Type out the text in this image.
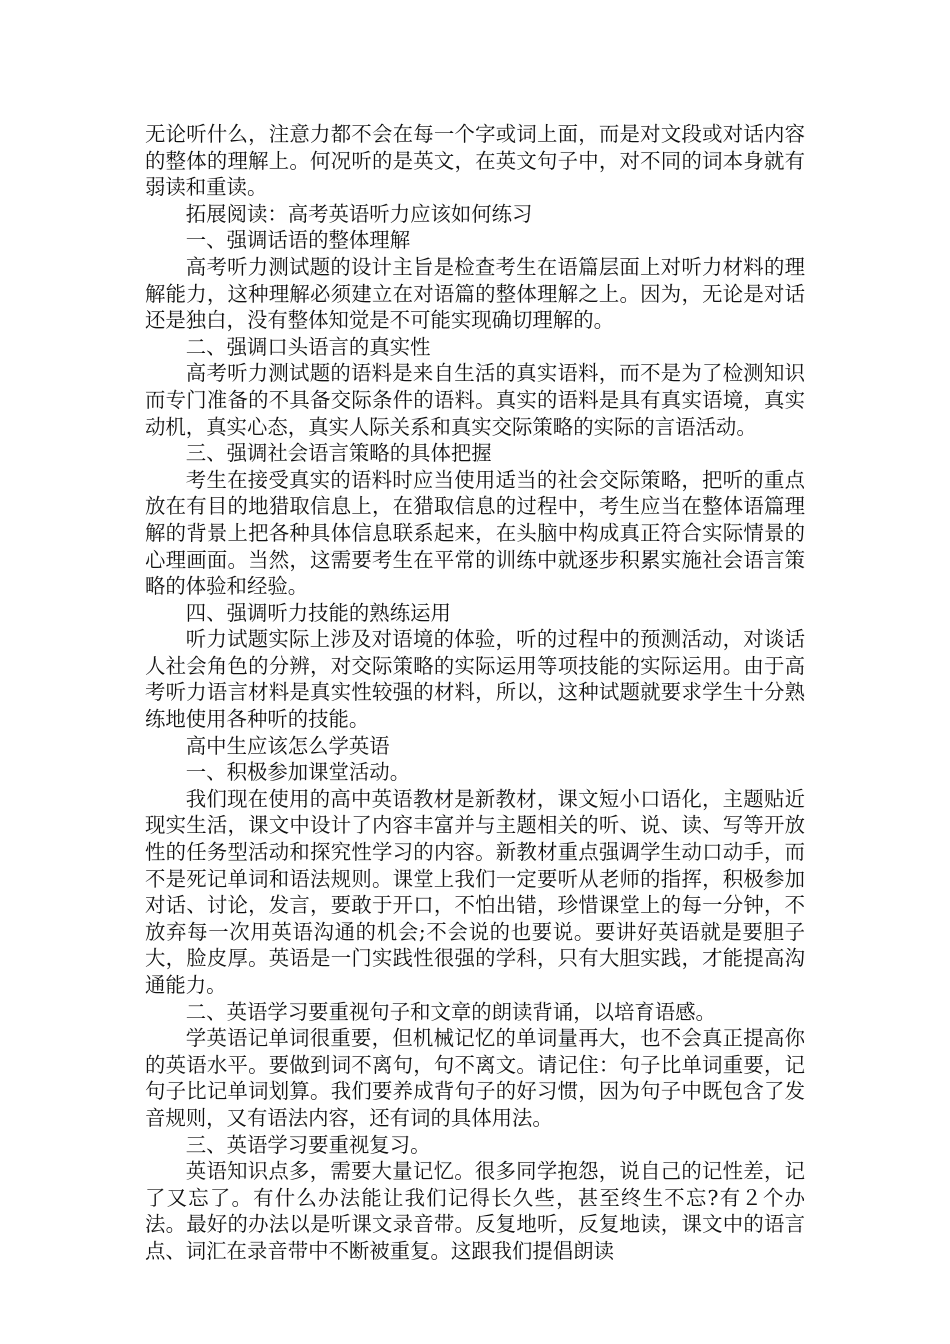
无论听什么，注意力都不会在每一个字或词上面，而是对文段或对话内容的整体的理解上。何况听的是英文，在英文句子中，对不同的词本身就有弱读和重读。

拓展阅读：高考英语听力应该如何练习

一、强调话语的整体理解

高考听力测试题的设计主旨是检查考生在语篇层面上对听力材料的理解能力，这种理解必须建立在对语篇的整体理解之上。因为，无论是对话还是独白，没有整体知觉是不可能实现确切理解的。

二、强调口头语言的真实性

高考听力测试题的语料是来自生活的真实语料，而不是为了检测知识而专门准备的不具备交际条件的语料。真实的语料是具有真实语境，真实动机，真实心态，真实人际关系和真实交际策略的实际的言语活动。

三、强调社会语言策略的具体把握

考生在接受真实的语料时应当使用适当的社会交际策略，把听的重点放在有目的地猎取信息上，在猎取信息的过程中，考生应当在整体语篇理解的背景上把各种具体信息联系起来，在头脑中构成真正符合实际情景的心理画面。当然，这需要考生在平常的训练中就逐步积累实施社会语言策略的体验和经验。

四、强调听力技能的熟练运用

听力试题实际上涉及对语境的体验，听的过程中的预测活动，对谈话人社会角色的分辨，对交际策略的实际运用等项技能的实际运用。由于高考听力语言材料是真实性较强的材料，所以，这种试题就要求学生十分熟练地使用各种听的技能。

高中生应该怎么学英语

一、积极参加课堂活动。

我们现在使用的高中英语教材是新教材，课文短小口语化，主题贴近现实生活，课文中设计了内容丰富并与主题相关的听、说、读、写等开放性的任务型活动和探究性学习的内容。新教材重点强调学生动口动手，而不是死记单词和语法规则。课堂上我们一定要听从老师的指挥，积极参加对话、讨论，发言，要敢于开口，不怕出错，珍惜课堂上的每一分钟，不放弃每一次用英语沟通的机会;不会说的也要说。要讲好英语就是要胆子大，脸皮厚。英语是一门实践性很强的学科，只有大胆实践，才能提高沟通能力。

二、英语学习要重视句子和文章的朗读背诵，以培育语感。

学英语记单词很重要，但机械记忆的单词量再大，也不会真正提高你的英语水平。要做到词不离句，句不离文。请记住：句子比单词重要，记句子比记单词划算。我们要养成背句子的好习惯，因为句子中既包含了发音规则，又有语法内容，还有词的具体用法。

三、英语学习要重视复习。

英语知识点多，需要大量记忆。很多同学抱怨，说自己的记性差，记了又忘了。有什么办法能让我们记得长久些，甚至终生不忘?有２个办法。最好的办法以是听课文录音带。反复地听，反复地读，课文中的语言点、词汇在录音带中不断被重复。这跟我们提倡朗读
